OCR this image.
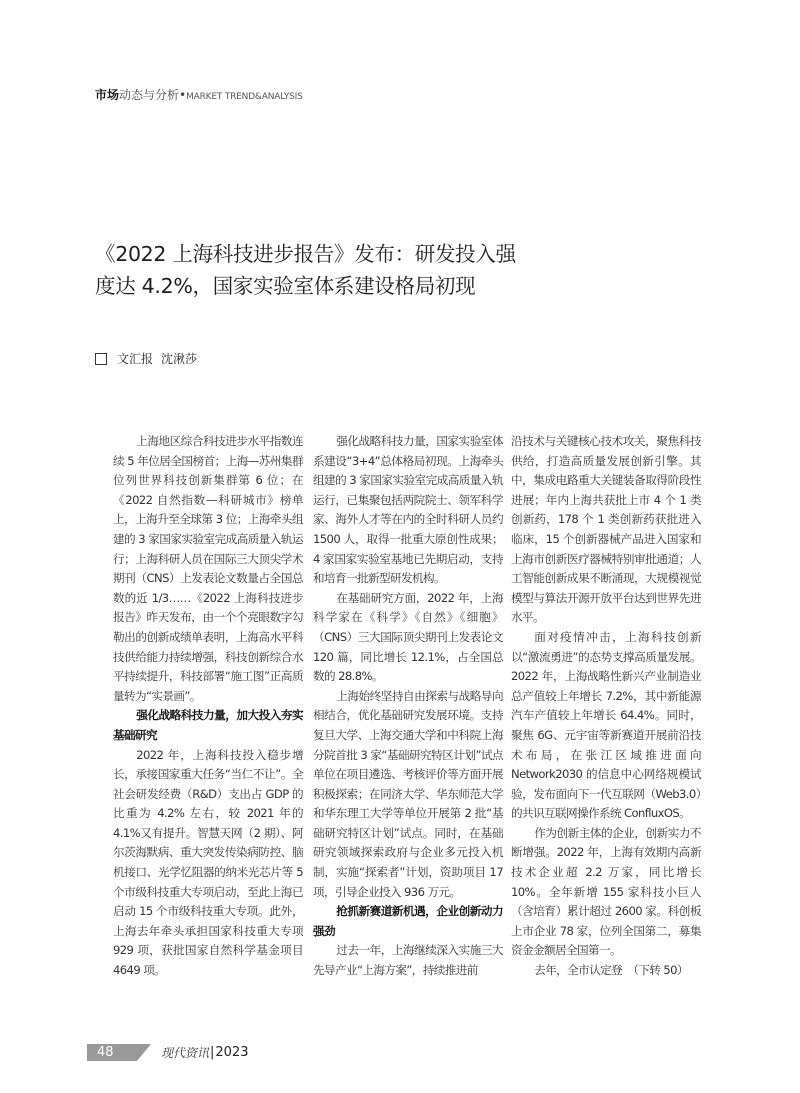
市场动态与分析•MARKET TREND&ANALYSIS
《2022 上海科技进步报告》发布：研发投入强度达 4.2%，国家实验室体系建设格局初现
文汇报 沈湫莎

上海地区综合科技进步水平指数连续 5 年位居全国榜首；上海—苏州集群位列世界科技创新集群第 6 位；在《2022 自然指数—科研城市》榜单上，上海升至全球第 3 位；上海牵头组建的 3 家国家实验室完成高质量入轨运行；上海科研人员在国际三大顶尖学术期刊（CNS）上发表论文数量占全国总数的近 1/3……《2022 上海科技进步报告》昨天发布，由一个个亮眼数字勾勒出的创新成绩单表明，上海高水平科技供给能力持续增强，科技创新综合水平持续提升，科技部署“施工图”正高质量转为“实景画”。

强化战略科技力量，加大投入夯实基础研究

2022 年，上海科技投入稳步增长，承接国家重大任务“当仁不让”。全社会研发经费（R&D）支出占 GDP 的比重为 4.2% 左右，较 2021 年的 4.1%又有提升。智慧天网（2 期）、阿尔茨海默病、重大突发传染病防控、脑机接口、光学忆阻器的纳米光芯片等 5 个市级科技重大专项启动，至此上海已启动 15 个市级科技重大专项。此外，上海去年牵头承担国家科技重大专项 929 项，获批国家自然科学基金项目 4649 项。

强化战略科技力量，国家实验室体系建设“3+4”总体格局初现。上海牵头组建的 3 家国家实验室完成高质量入轨运行，已集聚包括两院院士、领军科学家、海外人才等在内的全时科研人员约 1500 人，取得一批重大原创性成果；4 家国家实验室基地已先期启动，支持和培育一批新型研发机构。

在基础研究方面，2022 年，上海科学家在《科学》《自然》《细胞》（CNS）三大国际顶尖期刊上发表论文 120 篇，同比增长 12.1%，占全国总数的 28.8%。

上海始终坚持自由探索与战略导向相结合，优化基础研究发展环境。支持复旦大学、上海交通大学和中科院上海分院首批 3 家“基础研究特区计划”试点单位在项目遴选、考核评价等方面开展积极探索；在同济大学、华东师范大学和华东理工大学等单位开展第 2 批“基础研究特区计划”试点。同时，在基础研究领域探索政府与企业多元投入机制，实施“探索者”计划，资助项目 17 项，引导企业投入 936 万元。

抢抓新赛道新机遇，企业创新动力强劲

过去一年，上海继续深入实施三大先导产业“上海方案”，持续推进前

沿技术与关键核心技术攻关，聚焦科技供给，打造高质量发展创新引擎。其中，集成电路重大关键装备取得阶段性进展；年内上海共获批上市 4 个 1 类创新药，178 个 1 类创新药获批进入临床，15 个创新器械产品进入国家和上海市创新医疗器械特别审批通道；人工智能创新成果不断涌现，大规模视觉模型与算法开源开放平台达到世界先进水平。

面对疫情冲击，上海科技创新以“激流勇进”的态势支撑高质量发展。2022 年，上海战略性新兴产业制造业总产值较上年增长 7.2%，其中新能源汽车产值较上年增长 64.4%。同时，聚焦 6G、元宇宙等新赛道开展前沿技术布局，在张江区域推进面向 Network2030 的信息中心网络规模试验，发布面向下一代互联网（Web3.0）的共识互联网操作系统 ConfluxOS。

作为创新主体的企业，创新实力不断增强。2022 年，上海有效期内高新技术企业超 2.2 万家，同比增长 10%。全年新增 155 家科技小巨人（含培育）累计超过 2600 家。科创板上市企业 78 家，位列全国第二，募集资金金额居全国第一。

去年，全市认定登　（下转 50）

48	现代资讯 | 2023
